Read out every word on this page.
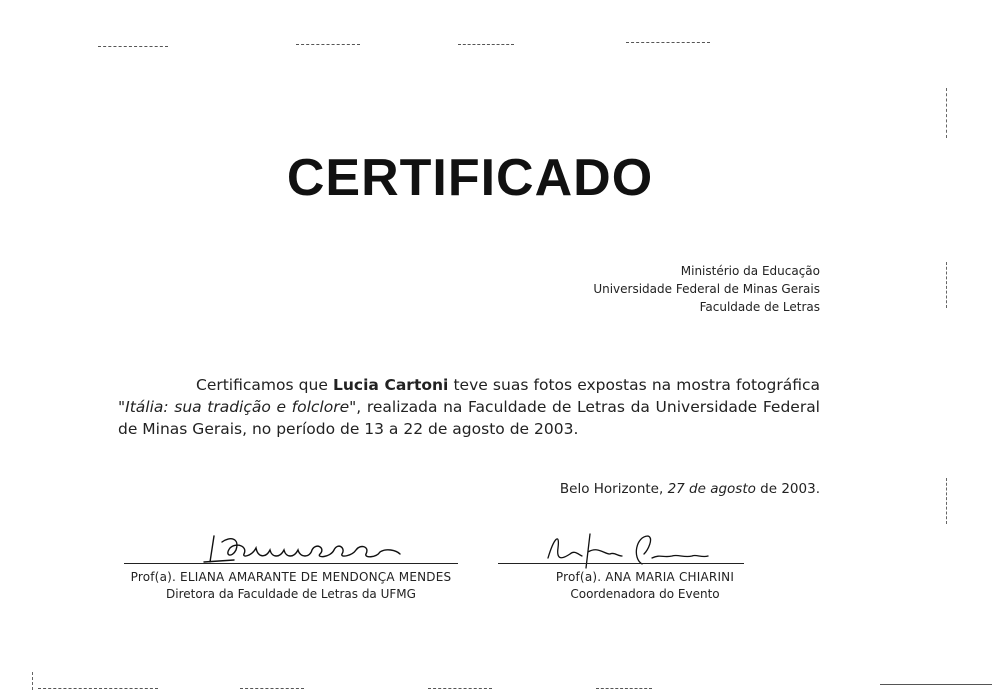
CERTIFICADO
Ministério da Educação
Universidade Federal de Minas Gerais
Faculdade de Letras

Certificamos que Lucia Cartoni teve suas fotos expostas na mostra fotográfica "Itália: sua tradição e folclore", realizada na Faculdade de Letras da Universidade Federal de Minas Gerais, no período de 13 a 22 de agosto de 2003.

Belo Horizonte, 27 de agosto de 2003.
Prof(a). ELIANA AMARANTE DE MENDONÇA MENDES
Diretora da Faculdade de Letras da UFMG
Prof(a). ANA MARIA CHIARINI
Coordenadora do Evento
